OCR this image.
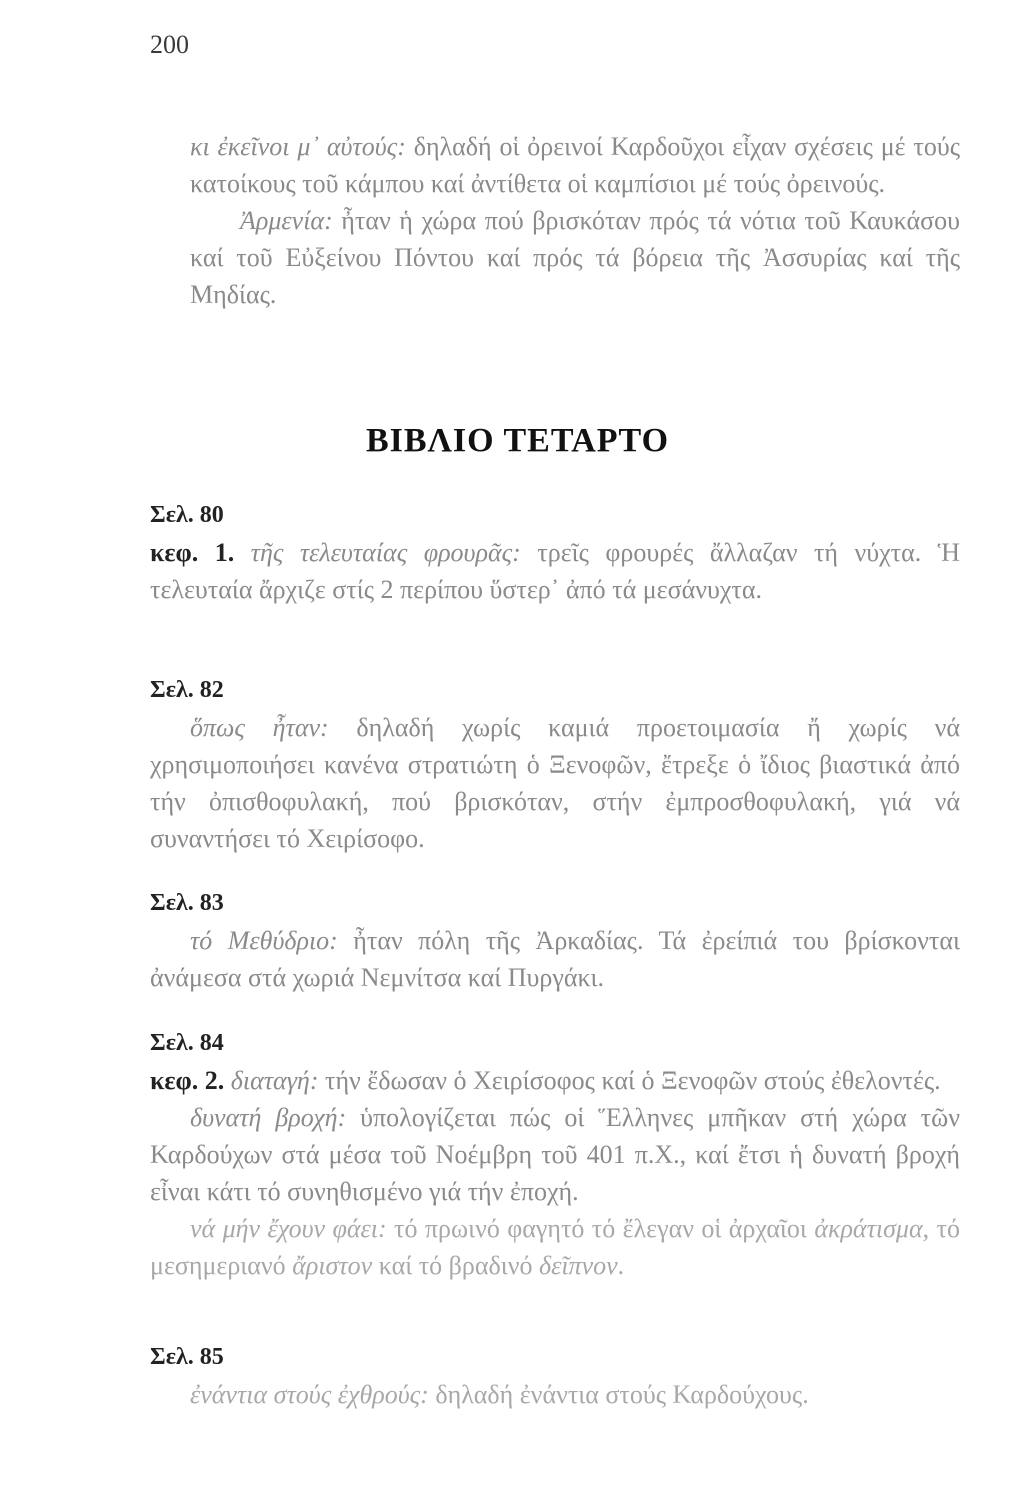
200

κι ἐκεῖνοι μ᾽ αὐτούς: δηλαδή οἱ ὀρεινοί Καρδοῦχοι εἶχαν σχέσεις μέ τούς κατοίκους τοῦ κάμπου καί ἀντίθετα οἱ καμπίσιοι μέ τούς ὀρεινούς.

Ἀρμενία: ἦταν ἡ χώρα πού βρισκόταν πρός τά νότια τοῦ Καυκάσου καί τοῦ Εὐξείνου Πόντου καί πρός τά βόρεια τῆς Ἀσσυρίας καί τῆς Μηδίας.

ΒΙΒΛΙΟ ΤΕΤΑΡΤΟ
Σελ. 80

κεφ. 1. τῆς τελευταίας φρουρᾶς: τρεῖς φρουρές ἄλλαζαν τή νύχτα. Ἡ τελευταία ἄρχιζε στίς 2 περίπου ὕστερ᾽ ἀπό τά μεσάνυχτα.

Σελ. 82

ὅπως ἦταν: δηλαδή χωρίς καμιά προετοιμασία ἤ χωρίς νά χρησιμοποιήσει κανένα στρατιώτη ὁ Ξενοφῶν, ἔτρεξε ὁ ἴδιος βιαστικά ἀπό τήν ὀπισθοφυλακή, πού βρισκόταν, στήν ἐμπροσθοφυλακή, γιά νά συναντήσει τό Χειρίσοφο.

Σελ. 83

τό Μεθύδριο: ἦταν πόλη τῆς Ἀρκαδίας. Τά ἐρείπιά του βρίσκονται ἀνάμεσα στά χωριά Νεμνίτσα καί Πυργάκι.

Σελ. 84

κεφ. 2. διαταγή: τήν ἔδωσαν ὁ Χειρίσοφος καί ὁ Ξενοφῶν στούς ἐθελοντές.

δυνατή βροχή: ὑπολογίζεται πώς οἱ Ἕλληνες μπῆκαν στή χώρα τῶν Καρδούχων στά μέσα τοῦ Νοέμβρη τοῦ 401 π.Χ., καί ἔτσι ἡ δυνατή βροχή εἶναι κάτι τό συνηθισμένο γιά τήν ἐποχή.

νά μήν ἔχουν φάει: τό πρωινό φαγητό τό ἔλεγαν οἱ ἀρχαῖοι ἀκράτισμα, τό μεσημεριανό ἄριστον καί τό βραδινό δεῖπνον.

Σελ. 85

ἐνάντια στούς ἐχθρούς: δηλαδή ἐνάντια στούς Καρδούχους.
